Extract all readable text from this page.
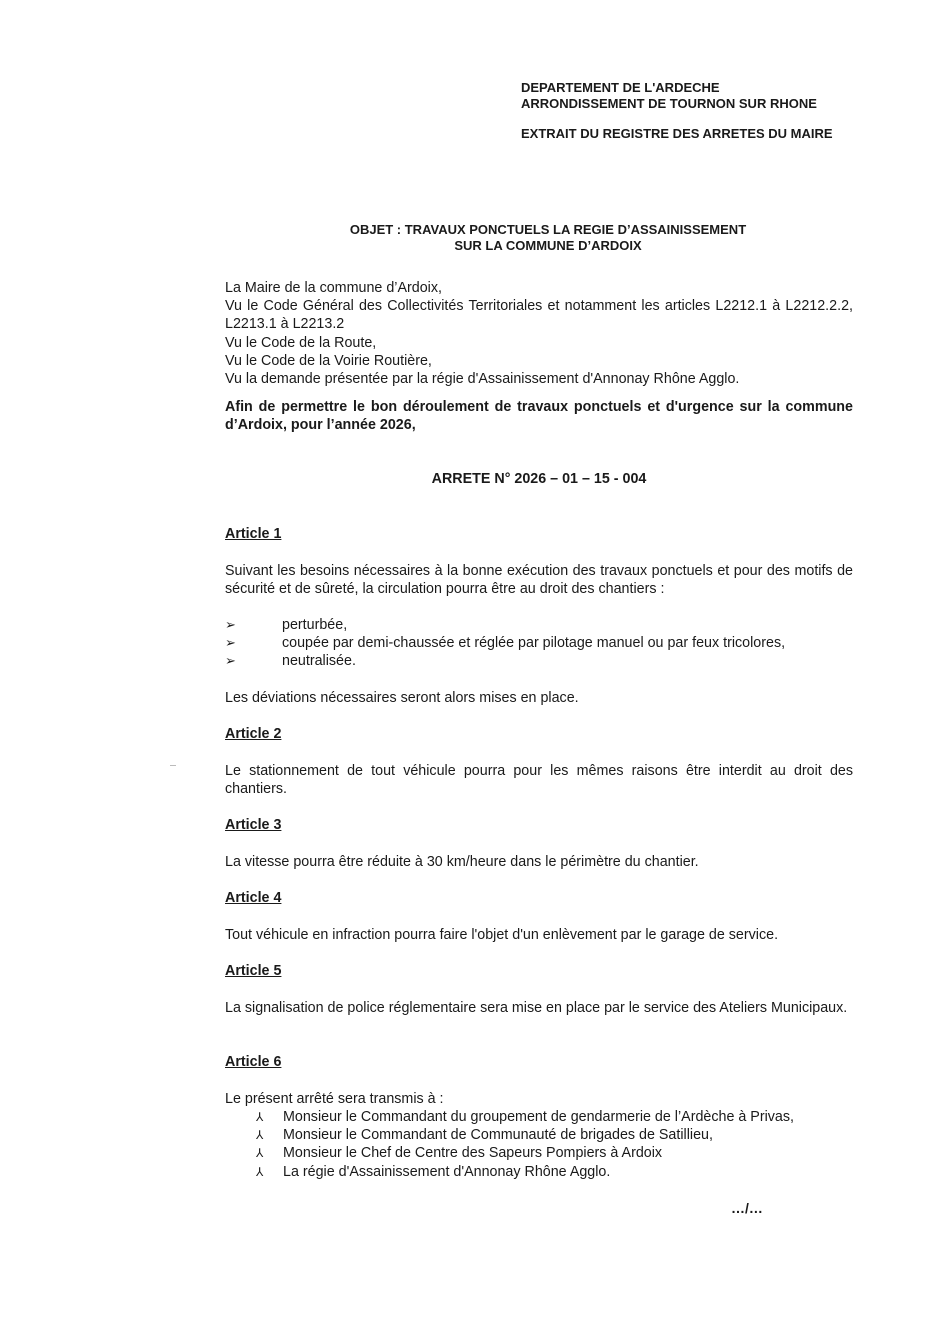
DEPARTEMENT DE L'ARDECHE
ARRONDISSEMENT DE TOURNON SUR RHONE
EXTRAIT DU REGISTRE DES ARRETES DU MAIRE
OBJET : TRAVAUX PONCTUELS LA REGIE D’ASSAINISSEMENT
SUR LA COMMUNE D’ARDOIX
La Maire de la commune d’Ardoix,
Vu le Code Général des Collectivités Territoriales et notamment les articles L2212.1 à L2212.2.2, L2213.1 à L2213.2
Vu le Code de la Route,
Vu le Code de la Voirie Routière,
Vu la demande présentée par la régie d'Assainissement d'Annonay Rhône Agglo.
Afin de permettre le bon déroulement de travaux ponctuels et d'urgence sur la commune d’Ardoix, pour l’année 2026,
ARRETE N° 2026 – 01 – 15 - 004
Article 1
Suivant les besoins nécessaires à la bonne exécution des travaux ponctuels et pour des motifs de sécurité et de sûreté, la circulation pourra être au droit des chantiers :
➢	perturbée,
➢	coupée par demi-chaussée et réglée par pilotage manuel ou par feux tricolores,
➢	neutralisée.
Les déviations nécessaires seront alors mises en place.
Article 2
Le stationnement de tout véhicule pourra pour les mêmes raisons être interdit au droit des chantiers.
Article 3
La vitesse pourra être réduite à 30 km/heure dans le périmètre du chantier.
Article 4
Tout véhicule en infraction pourra faire l'objet d'un enlèvement par le garage de service.
Article 5
La signalisation de police réglementaire sera mise en place par le service des Ateliers Municipaux.
Article 6
Le présent arrêté sera transmis à :
⅄ Monsieur le Commandant du groupement de gendarmerie de l’Ardèche à Privas,
⅄ Monsieur le Commandant de Communauté de brigades de Satillieu,
⅄ Monsieur le Chef de Centre des Sapeurs Pompiers à Ardoix
⅄ La régie d'Assainissement d'Annonay Rhône Agglo.
…/…
